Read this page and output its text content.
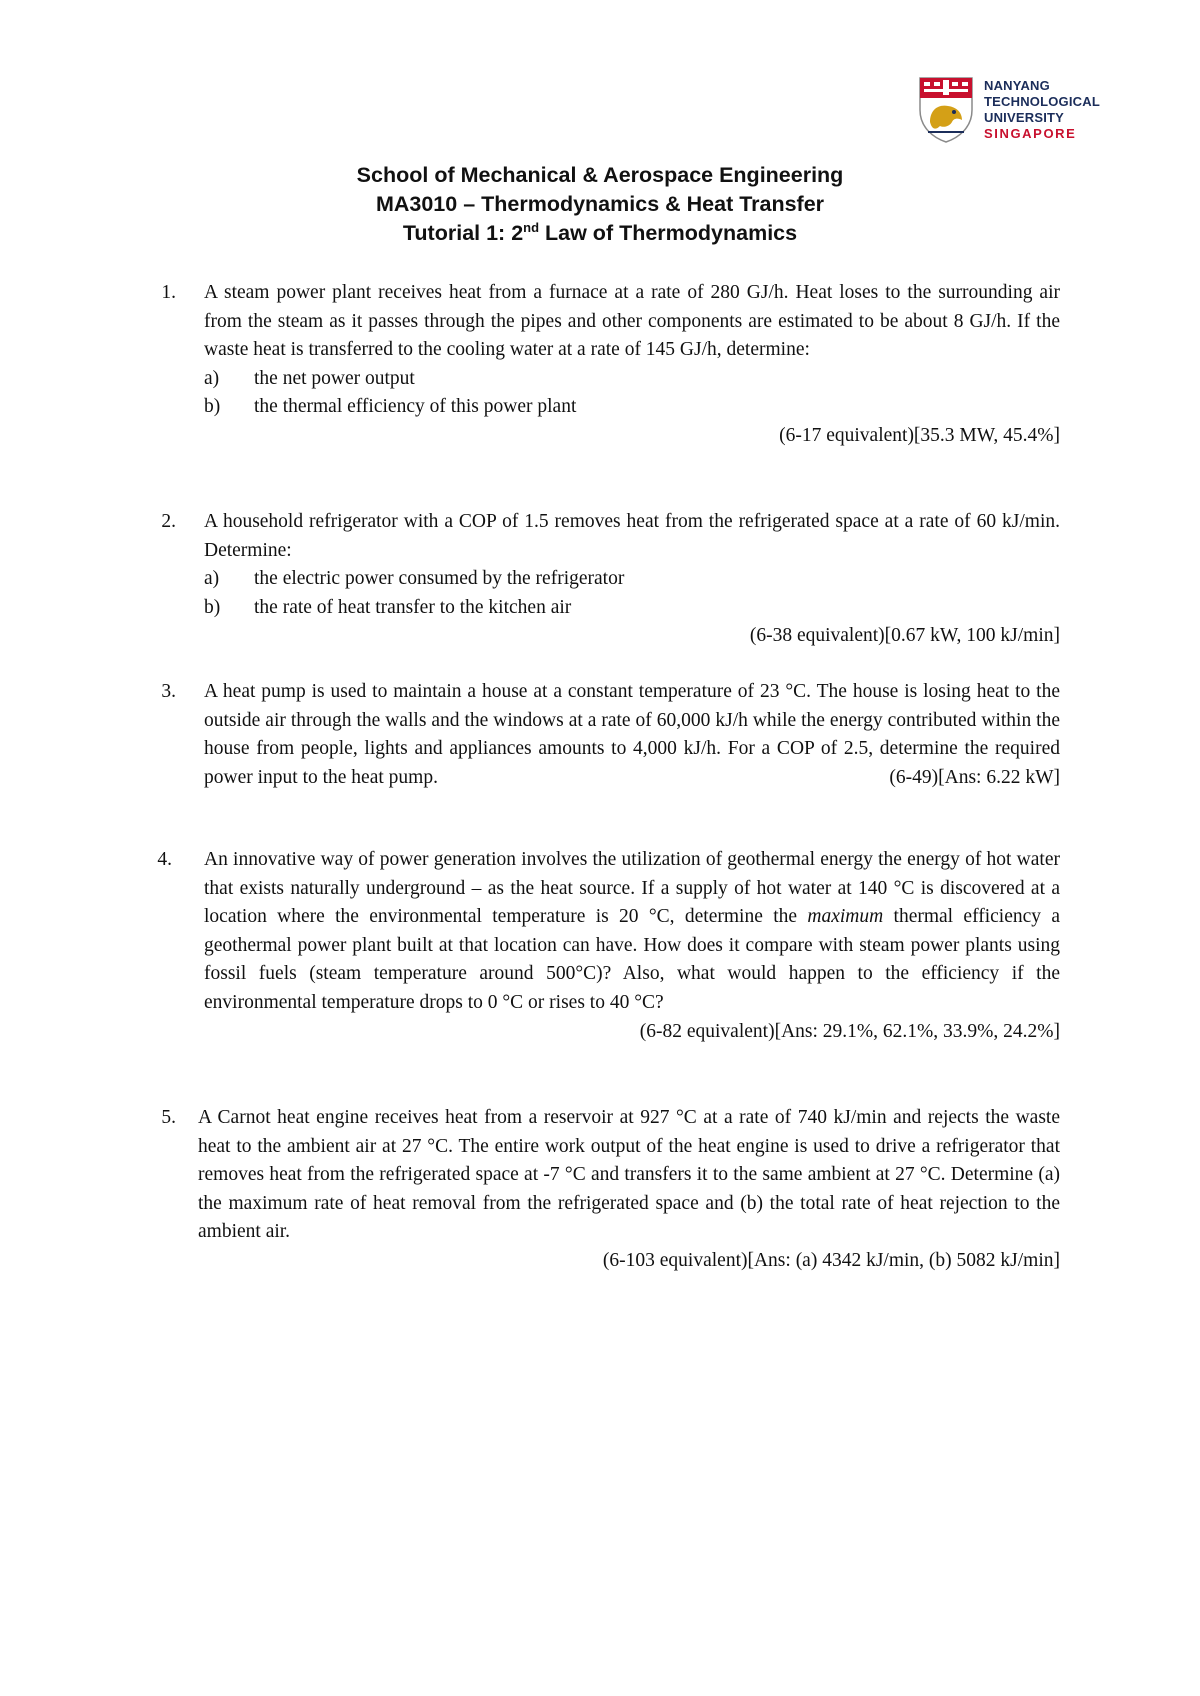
NANYANG
TECHNOLOGICAL
UNIVERSITY
SINGAPORE
School of Mechanical & Aerospace Engineering
MA3010 – Thermodynamics & Heat Transfer
Tutorial 1: 2nd Law of Thermodynamics
1.	A steam power plant receives heat from a furnace at a rate of 280 GJ/h. Heat loses to the surrounding air from the steam as it passes through the pipes and other components are estimated to be about 8 GJ/h. If the waste heat is transferred to the cooling water at a rate of 145 GJ/h, determine:
a) the net power output
b) the thermal efficiency of this power plant
(6-17 equivalent)[35.3 MW, 45.4%]
2.	A household refrigerator with a COP of 1.5 removes heat from the refrigerated space at a rate of 60 kJ/min. Determine:
a) the electric power consumed by the refrigerator
b) the rate of heat transfer to the kitchen air
(6-38 equivalent)[0.67 kW, 100 kJ/min]
3.	A heat pump is used to maintain a house at a constant temperature of 23 °C. The house is losing heat to the outside air through the walls and the windows at a rate of 60,000 kJ/h while the energy contributed within the house from people, lights and appliances amounts to 4,000 kJ/h. For a COP of 2.5, determine the required power input to the heat pump.	(6-49)[Ans: 6.22 kW]
4.	An innovative way of power generation involves the utilization of geothermal energy the energy of hot water that exists naturally underground – as the heat source. If a supply of hot water at 140 °C is discovered at a location where the environmental temperature is 20 °C, determine the maximum thermal efficiency a geothermal power plant built at that location can have. How does it compare with steam power plants using fossil fuels (steam temperature around 500°C)? Also, what would happen to the efficiency if the environmental temperature drops to 0 °C or rises to 40 °C?
(6-82 equivalent)[Ans: 29.1%, 62.1%, 33.9%, 24.2%]
5.	A Carnot heat engine receives heat from a reservoir at 927 °C at a rate of 740 kJ/min and rejects the waste heat to the ambient air at 27 °C. The entire work output of the heat engine is used to drive a refrigerator that removes heat from the refrigerated space at -7 °C and transfers it to the same ambient at 27 °C. Determine (a) the maximum rate of heat removal from the refrigerated space and (b) the total rate of heat rejection to the ambient air.
(6-103 equivalent)[Ans: (a) 4342 kJ/min, (b) 5082 kJ/min]
